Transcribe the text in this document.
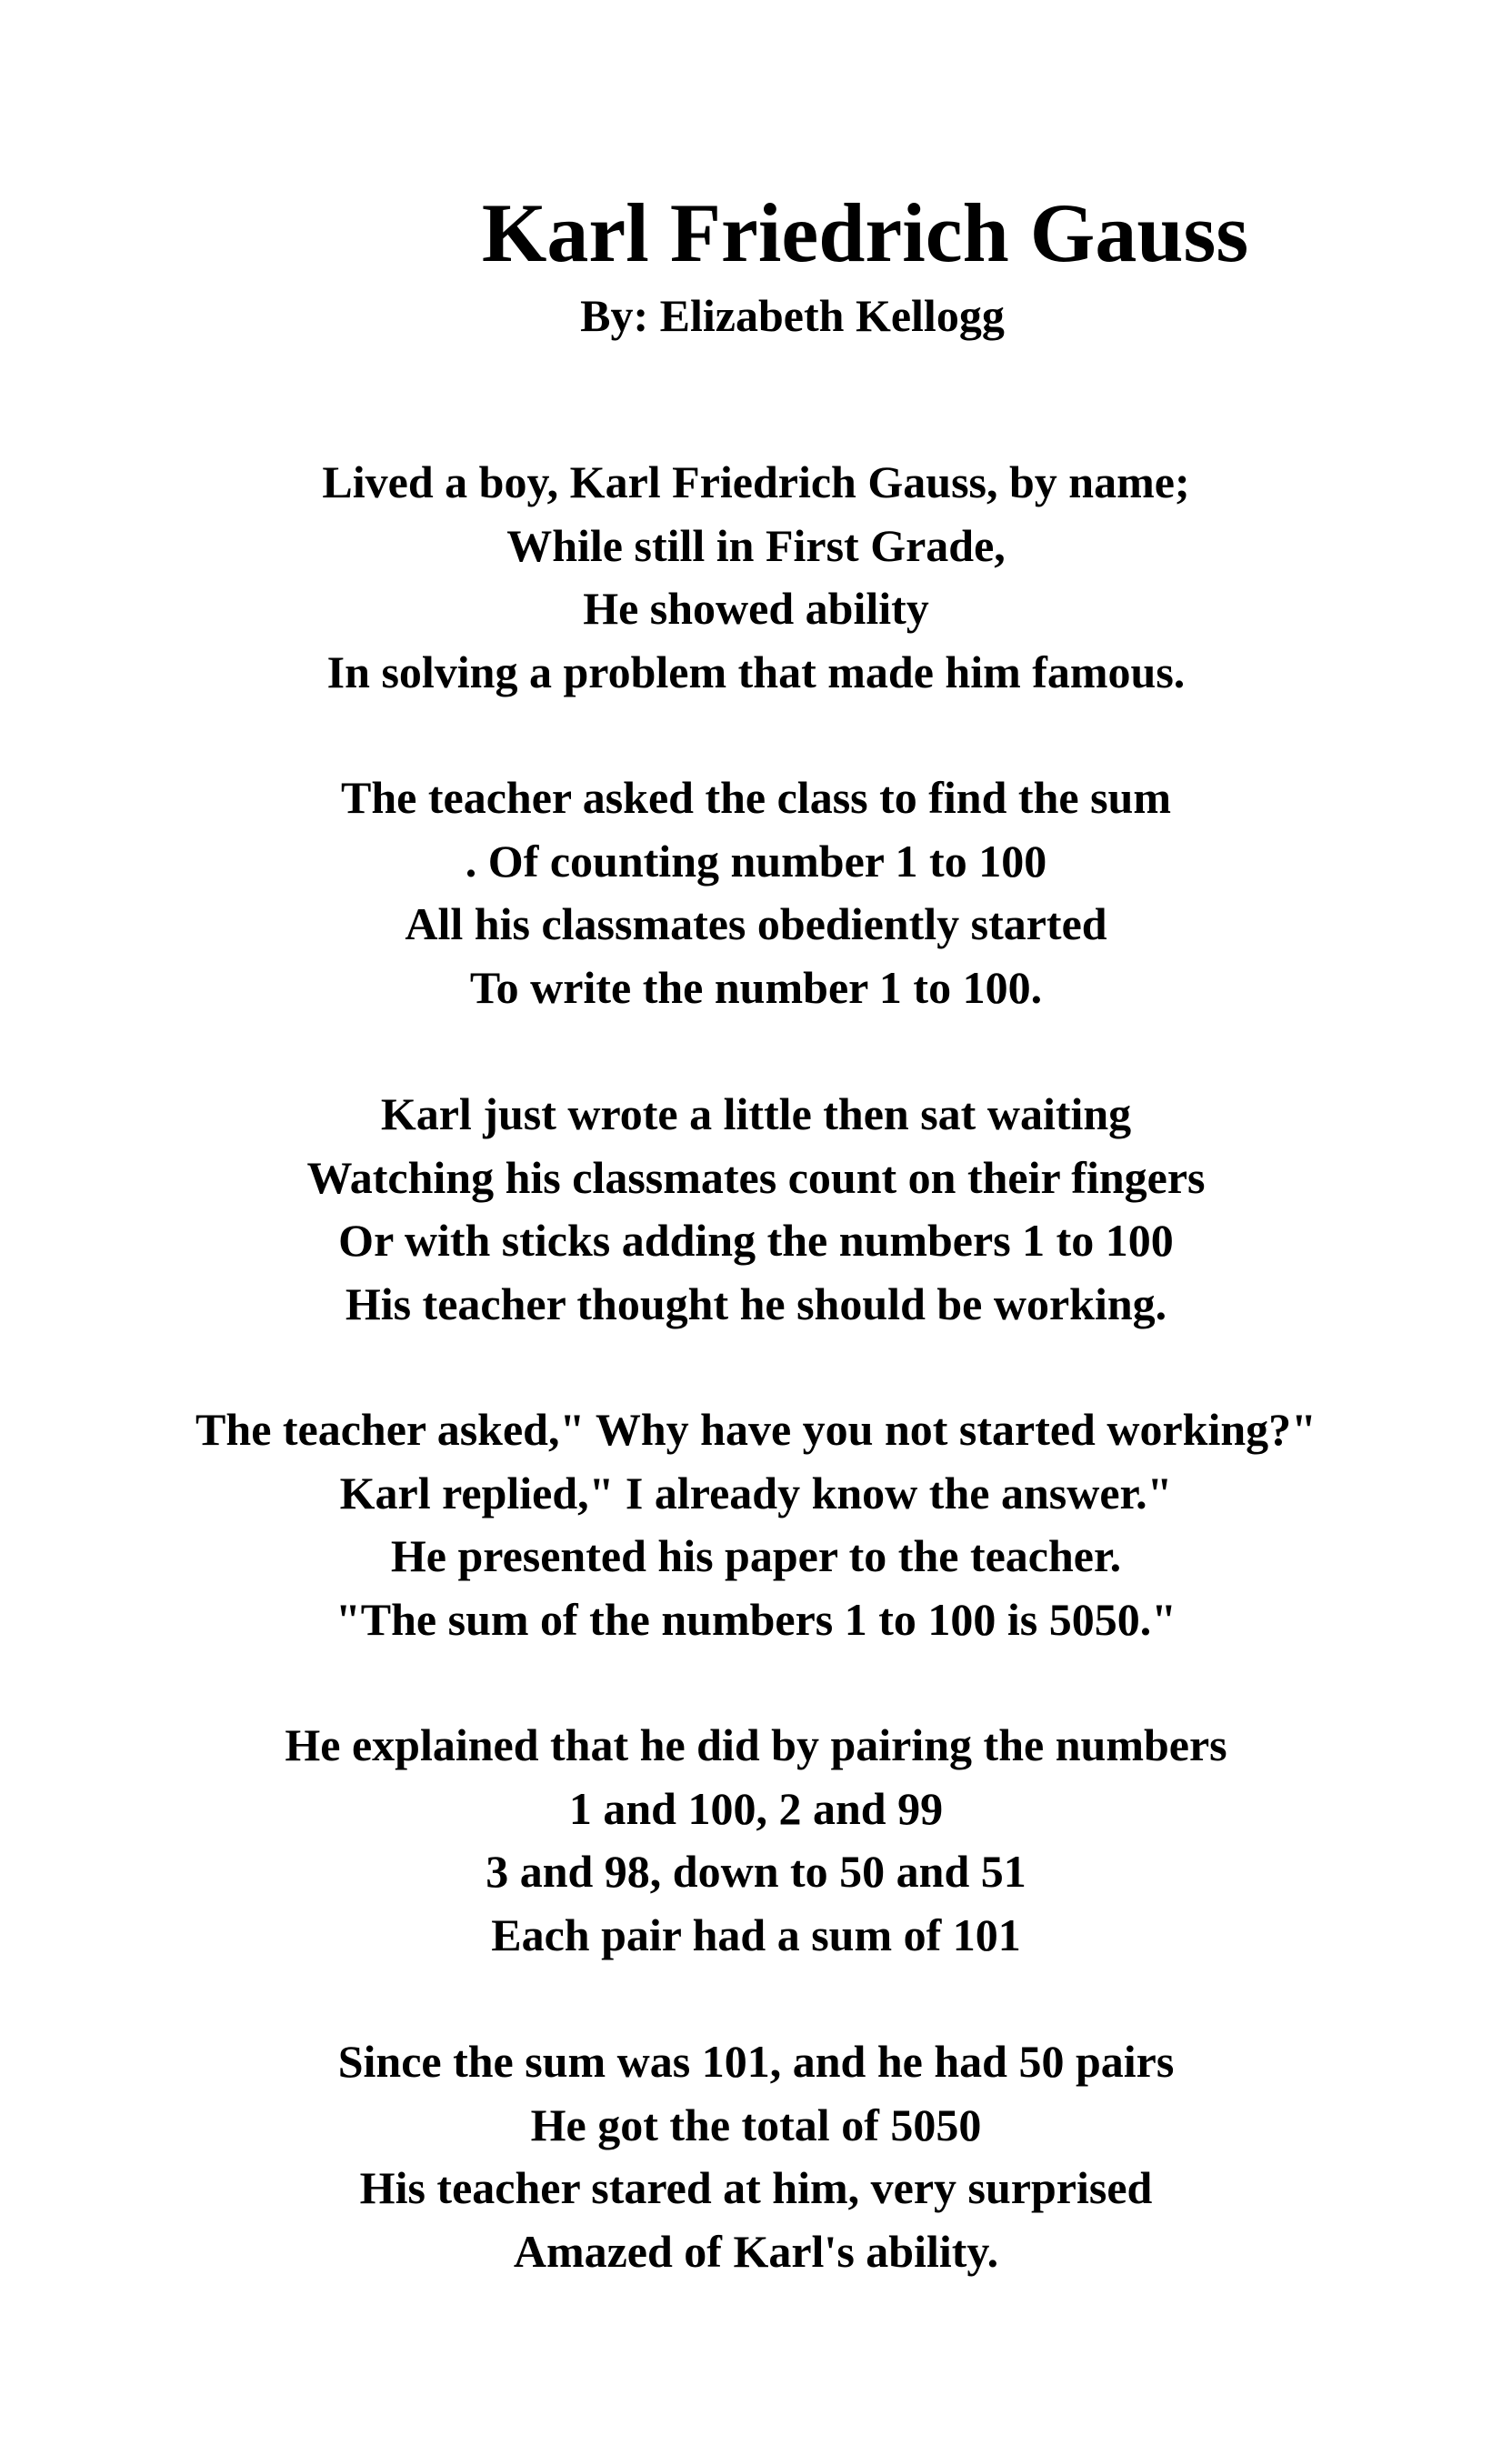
Karl Friedrich Gauss
By: Elizabeth Kellogg
Lived a boy, Karl Friedrich Gauss, by name;
While still in First Grade,
He showed ability
In solving a problem that made him famous.
The teacher asked the class to find the sum
. Of counting number 1 to 100
All his classmates obediently started
To write the number 1 to 100.
Karl just wrote a little then sat waiting
Watching his classmates count on their fingers
Or with sticks adding the numbers 1 to 100
His teacher thought he should be working.
The teacher asked," Why have you not started working?"
Karl replied," I already know the answer."
He presented his paper to the teacher.
"The sum of the numbers 1 to 100 is 5050."
He explained that he did by pairing the numbers
1 and 100, 2 and 99
3 and 98, down to 50 and 51
Each pair had a sum of 101
Since the sum was 101, and he had 50 pairs
He got the total of 5050
His teacher stared at him, very surprised
Amazed of Karl's ability.
